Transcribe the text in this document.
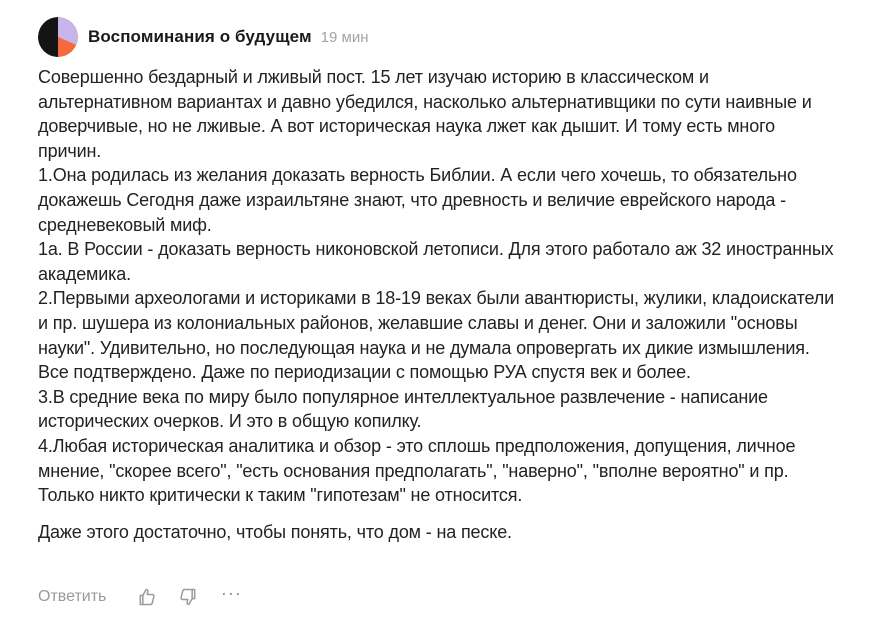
Воспоминания о будущем 19 мин

Совершенно бездарный и лживый пост. 15 лет изучаю историю в классическом и альтернативном вариантах и давно убедился, насколько альтернативщики по сути наивные и доверчивые, но не лживые. А вот историческая наука лжет как дышит. И тому есть много причин.

1.Она родилась из желания доказать верность Библии. А если чего хочешь, то обязательно докажешь Сегодня даже израильтяне знают, что древность и величие еврейского народа - средневековый миф.

1а. В России - доказать верность никоновской летописи. Для этого работало аж 32 иностранных академика.

2.Первыми археологами и историками в 18-19 веках были авантюристы, жулики, кладоискатели и пр. шушера из колониальных районов, желавшие славы и денег. Они и заложили "основы науки". Удивительно, но последующая наука и не думала опровергать их дикие измышления. Все подтверждено. Даже по периодизации с помощью РУА спустя век и более.

3.В средние века по миру было популярное интеллектуальное развлечение - написание исторических очерков. И это в общую копилку.

4.Любая историческая аналитика и обзор - это сплошь предположения, допущения, личное мнение, "скорее всего", "есть основания предполагать", "наверно", "вполне вероятно" и пр. Только никто критически к таким "гипотезам" не относится.

Даже этого достаточно, чтобы понять, что дом - на песке.

Ответить	···
